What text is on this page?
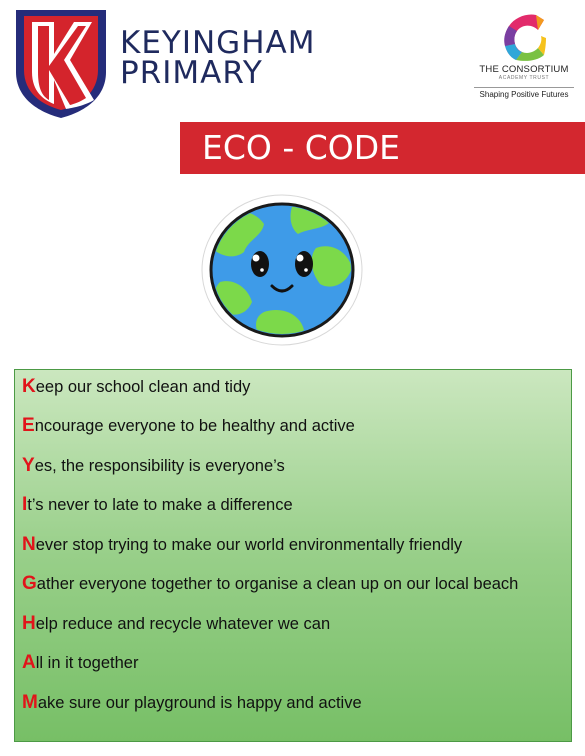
KEYINGHAM
PRIMARY	THE CONSORTIUM
ACADEMY TRUST
Shaping Positive Futures
ECO - CODE
Keep our school clean and tidy
Encourage everyone to be healthy and active
Yes, the responsibility is everyone’s
It’s never to late to make a difference
Never stop trying to make our world environmentally friendly
Gather everyone together to organise a clean up on our local beach
Help reduce and recycle whatever we can
All in it together
Make sure our playground is happy and active
